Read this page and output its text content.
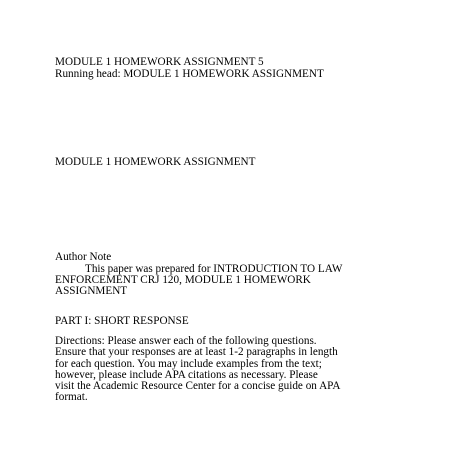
MODULE 1 HOMEWORK ASSIGNMENT 5

Running head: MODULE 1 HOMEWORK ASSIGNMENT

MODULE 1 HOMEWORK ASSIGNMENT

Author Note

This paper was prepared for INTRODUCTION TO LAW

ENFORCEMENT CRJ 120, MODULE 1 HOMEWORK

ASSIGNMENT

PART I: SHORT RESPONSE

Directions: Please answer each of the following questions.

Ensure that your responses are at least 1-2 paragraphs in length

for each question. You may include examples from the text;

however, please include APA citations as necessary. Please

visit the Academic Resource Center for a concise guide on APA

format.
